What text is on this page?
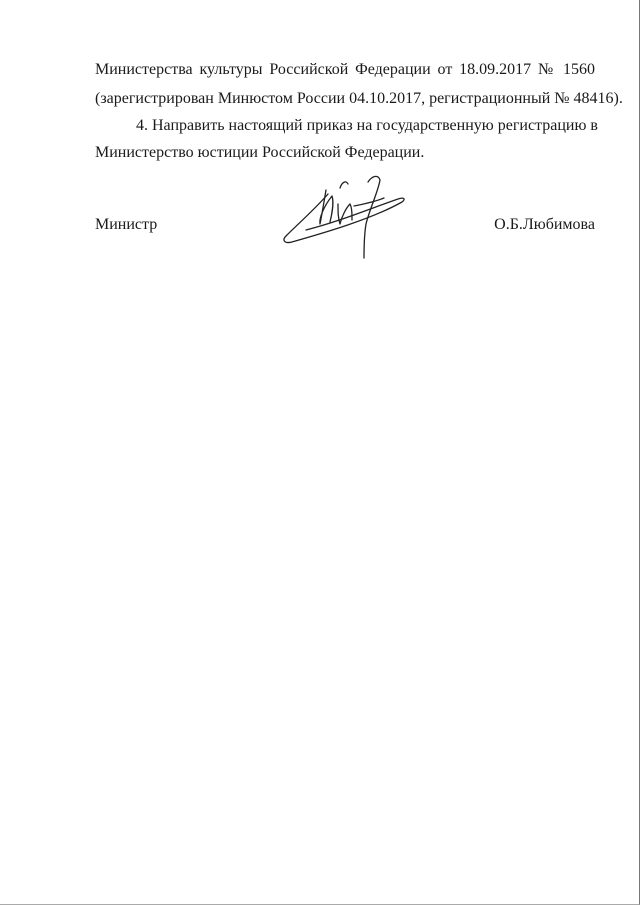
Министерства культуры Российской Федерации от 18.09.2017 № 1560
(зарегистрирован Минюстом России 04.10.2017, регистрационный № 48416).
4. Направить настоящий приказ на государственную регистрацию в
Министерство юстиции Российской Федерации.
Министр	О.Б.Любимова
